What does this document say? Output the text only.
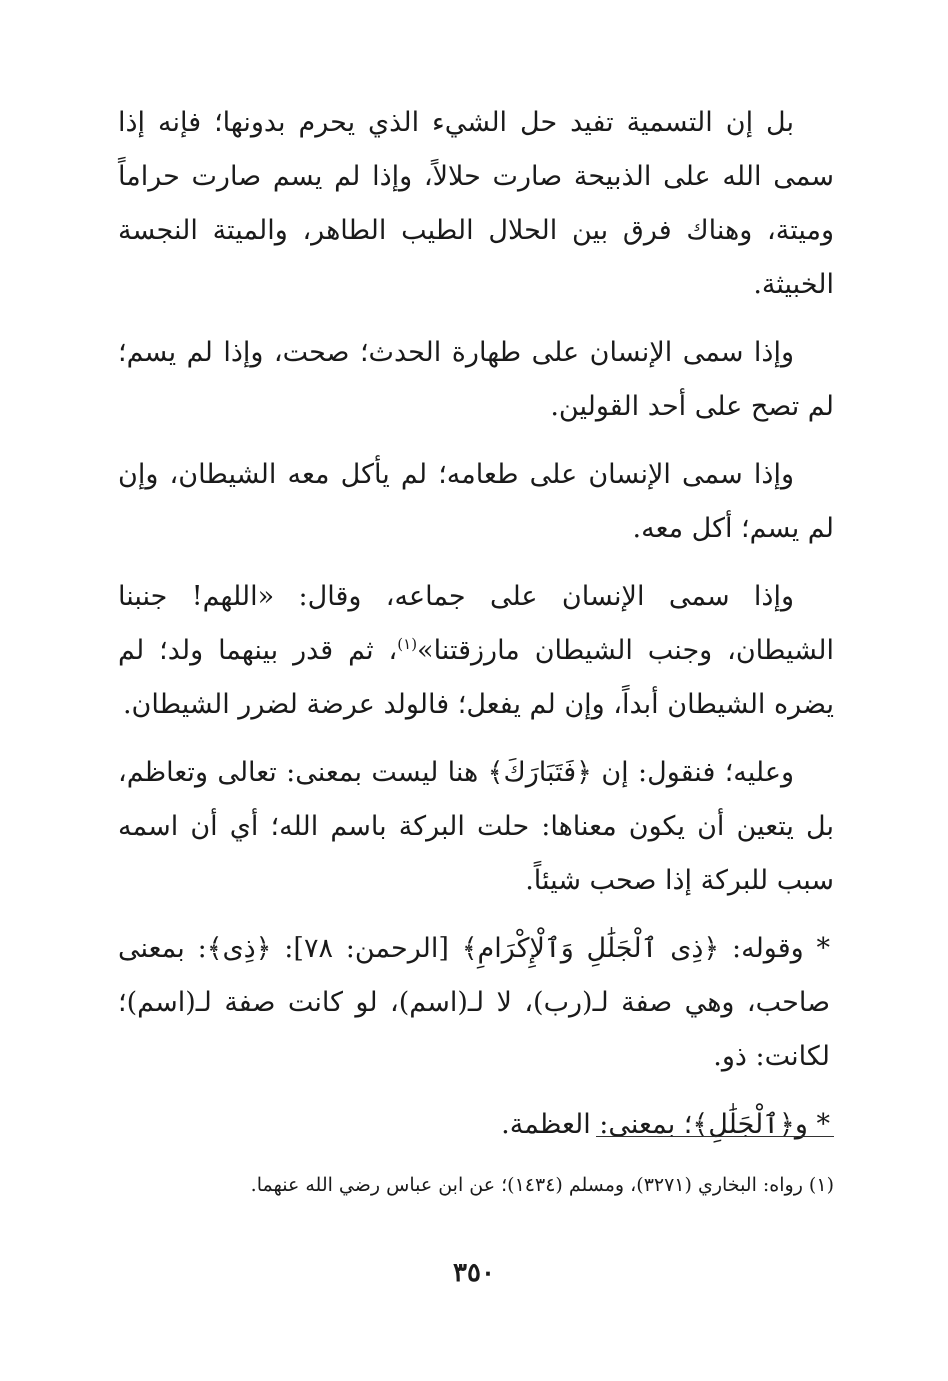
بل إن التسمية تفيد حل الشيء الذي يحرم بدونها؛ فإنه إذا سمى الله على الذبيحة صارت حلالاً، وإذا لم يسم صارت حراماً وميتة، وهناك فرق بين الحلال الطيب الطاهر، والميتة النجسة الخبيثة.

وإذا سمى الإنسان على طهارة الحدث؛ صحت، وإذا لم يسم؛ لم تصح على أحد القولين.

وإذا سمى الإنسان على طعامه؛ لم يأكل معه الشيطان، وإن لم يسم؛ أكل معه.

وإذا سمى الإنسان على جماعه، وقال: «اللهم! جنبنا الشيطان، وجنب الشيطان مارزقتنا»$^{(١)}$، ثم قدر بينهما ولد؛ لم يضره الشيطان أبداً، وإن لم يفعل؛ فالولد عرضة لضرر الشيطان.

وعليه؛ فنقول: إن ﴿فَتَبَارَكَ﴾ هنا ليست بمعنى: تعالى وتعاظم، بل يتعين أن يكون معناها: حلت البركة باسم الله؛ أي أن اسمه سبب للبركة إذا صحب شيئاً.

* وقوله: ﴿ذِى ٱلْجَلَٰلِ وَٱلْإِكْرَامِ﴾ [الرحمن: ٧٨]: ﴿ذِى﴾: بمعنى صاحب، وهي صفة لـ(رب)، لا لـ(اسم)، لو كانت صفة لـ(اسم)؛ لكانت: ذو.

* و﴿ٱلْجَلَٰلِ﴾؛ بمعنى: العظمة.

(١) رواه: البخاري (٣٢٧١)، ومسلم (١٤٣٤)؛ عن ابن عباس رضي الله عنهما.
٣٥٠
